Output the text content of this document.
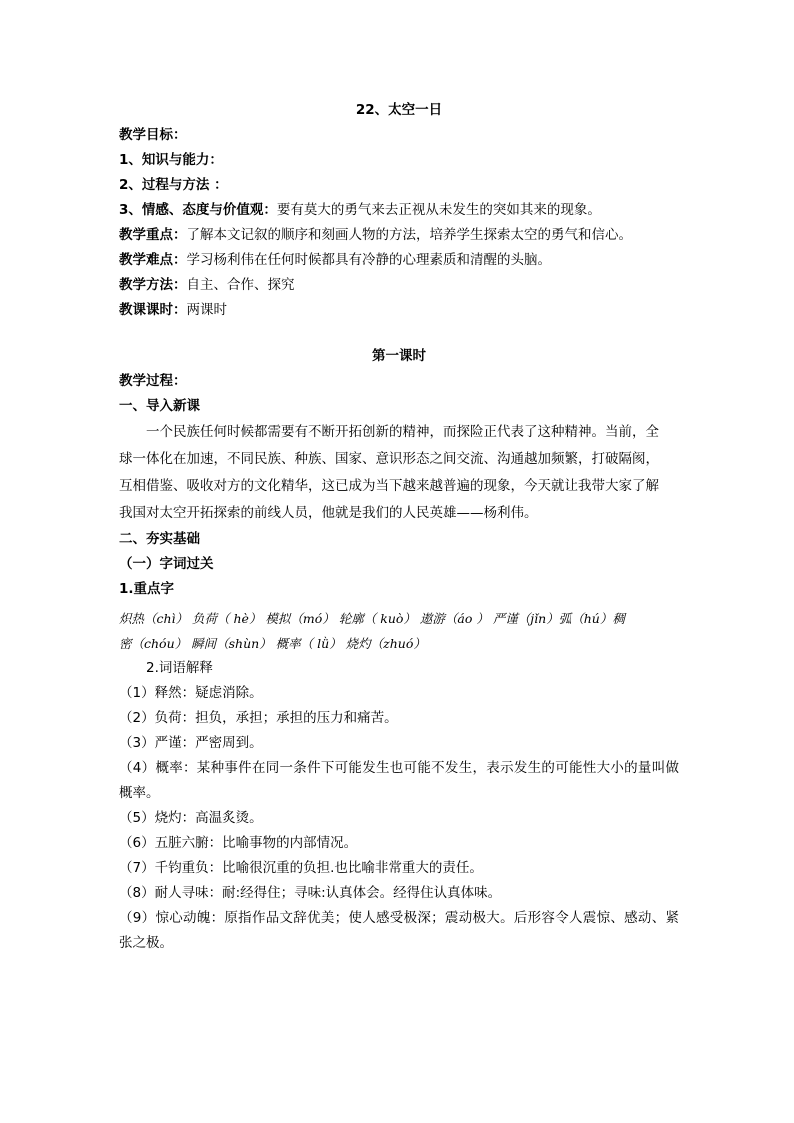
22、太空一日
教学目标：
1、知识与能力：
2、过程与方法 ：
3、情感、态度与价值观：要有莫大的勇气来去正视从未发生的突如其来的现象。
教学重点：了解本文记叙的顺序和刻画人物的方法，培养学生探索太空的勇气和信心。
教学难点：学习杨利伟在任何时候都具有冷静的心理素质和清醒的头脑。
教学方法：自主、合作、探究
教课课时：两课时
第一课时
教学过程：
一、导入新课
一个民族任何时候都需要有不断开拓创新的精神，而探险正代表了这种精神。当前，全
球一体化在加速，不同民族、种族、国家、意识形态之间交流、沟通越加频繁，打破隔阂，
互相借鉴、吸收对方的文化精华，这已成为当下越来越普遍的现象，今天就让我带大家了解
我国对太空开拓探索的前线人员，他就是我们的人民英雄——杨利伟。
二、夯实基础
（一）字词过关
1.重点字
炽热（chì） 负荷（ hè） 模拟（mó） 轮廓（ kuò） 遨游（áo ） 严谨（jǐn）弧（hú）稠
密（chóu） 瞬间（shùn） 概率（ lǜ） 烧灼（zhuó）
2.词语解释
（1）释然：疑虑消除。
（2）负荷：担负，承担；承担的压力和痛苦。
（3）严谨：严密周到。
（4）概率：某种事件在同一条件下可能发生也可能不发生，表示发生的可能性大小的量叫做概率。
（5）烧灼：高温炙烫。
（6）五脏六腑：比喻事物的内部情况。
（7）千钧重负：比喻很沉重的负担.也比喻非常重大的责任。
（8）耐人寻味：耐:经得住；寻味:认真体会。经得住认真体味。
（9）惊心动魄：原指作品文辞优美；使人感受极深；震动极大。后形容令人震惊、感动、紧张之极。
